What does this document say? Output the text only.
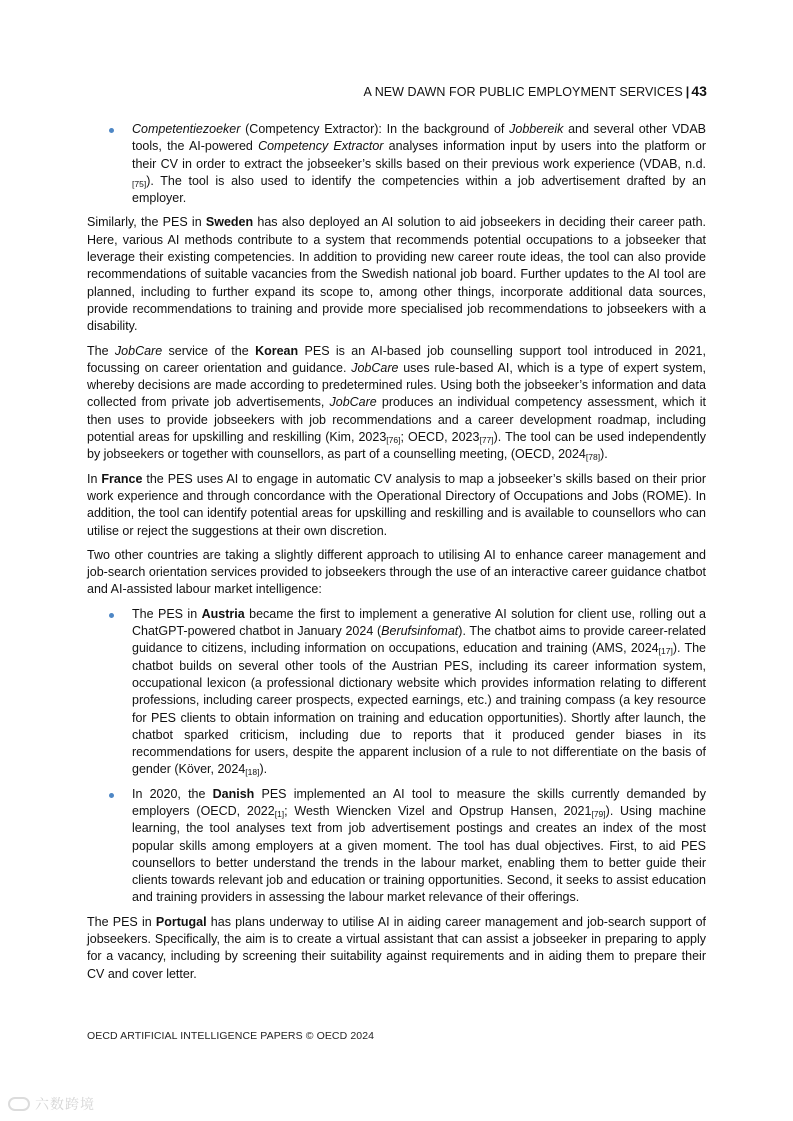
A NEW DAWN FOR PUBLIC EMPLOYMENT SERVICES | 43
Competentiezoeker (Competency Extractor): In the background of Jobbereik and several other VDAB tools, the AI-powered Competency Extractor analyses information input by users into the platform or their CV in order to extract the jobseeker’s skills based on their previous work experience (VDAB, $n.d._{[75]}$). The tool is also used to identify the competencies within a job advertisement drafted by an employer.

Similarly, the PES in Sweden has also deployed an AI solution to aid jobseekers in deciding their career path. Here, various AI methods contribute to a system that recommends potential occupations to a jobseeker that leverage their existing competencies. In addition to providing new career route ideas, the tool can also provide recommendations of suitable vacancies from the Swedish national job board. Further updates to the AI tool are planned, including to further expand its scope to, among other things, incorporate additional data sources, provide recommendations to training and provide more specialised job recommendations to jobseekers with a disability.

The JobCare service of the Korean PES is an AI-based job counselling support tool introduced in 2021, focussing on career orientation and guidance. JobCare uses rule-based AI, which is a type of expert system, whereby decisions are made according to predetermined rules. Using both the jobseeker’s information and data collected from private job advertisements, JobCare produces an individual competency assessment, which it then uses to provide jobseekers with job recommendations and a career development roadmap, including potential areas for upskilling and reskilling (Kim, $2023_{[76]}$; OECD, $2023_{[77]}$). The tool can be used independently by jobseekers or together with counsellors, as part of a counselling meeting, (OECD, $2024_{[78]}$).

In France the PES uses AI to engage in automatic CV analysis to map a jobseeker’s skills based on their prior work experience and through concordance with the Operational Directory of Occupations and Jobs (ROME). In addition, the tool can identify potential areas for upskilling and reskilling and is available to counsellors who can utilise or reject the suggestions at their own discretion.

Two other countries are taking a slightly different approach to utilising AI to enhance career management and job-search orientation services provided to jobseekers through the use of an interactive career guidance chatbot and AI-assisted labour market intelligence:

The PES in Austria became the first to implement a generative AI solution for client use, rolling out a ChatGPT-powered chatbot in January 2024 (Berufsinfomat). The chatbot aims to provide career-related guidance to citizens, including information on occupations, education and training (AMS, $2024_{[17]}$). The chatbot builds on several other tools of the Austrian PES, including its career information system, occupational lexicon (a professional dictionary website which provides information relating to different professions, including career prospects, expected earnings, etc.) and training compass (a key resource for PES clients to obtain information on training and education opportunities). Shortly after launch, the chatbot sparked criticism, including due to reports that it produced gender biases in its recommendations for users, despite the apparent inclusion of a rule to not differentiate on the basis of gender (Köver, $2024_{[18]}$).
In 2020, the Danish PES implemented an AI tool to measure the skills currently demanded by employers (OECD, $2022_{[1]}$; Westh Wiencken Vizel and Opstrup Hansen, $2021_{[79]}$). Using machine learning, the tool analyses text from job advertisement postings and creates an index of the most popular skills among employers at a given moment. The tool has dual objectives. First, to aid PES counsellors to better understand the trends in the labour market, enabling them to better guide their clients towards relevant job and education or training opportunities. Second, it seeks to assist education and training providers in assessing the labour market relevance of their offerings.

The PES in Portugal has plans underway to utilise AI in aiding career management and job-search support of jobseekers. Specifically, the aim is to create a virtual assistant that can assist a jobseeker in preparing to apply for a vacancy, including by screening their suitability against requirements and in aiding them to prepare their CV and cover letter.

OECD ARTIFICIAL INTELLIGENCE PAPERS © OECD 2024
六数跨境
